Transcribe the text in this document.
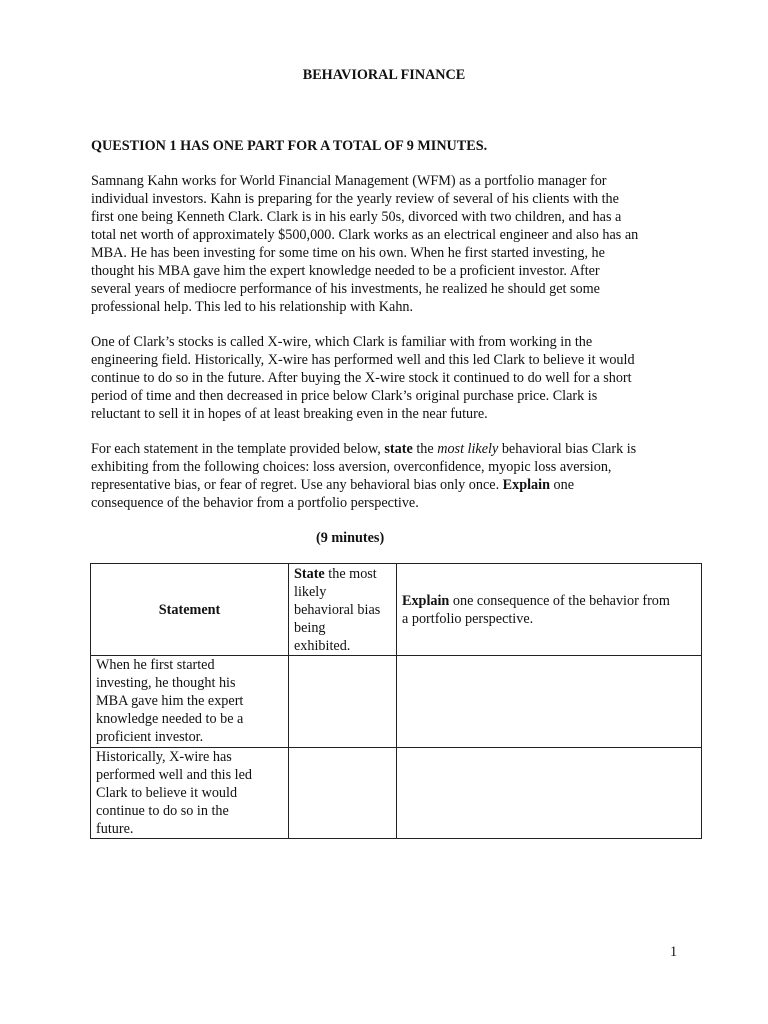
BEHAVIORAL FINANCE
QUESTION 1 HAS ONE PART FOR A TOTAL OF 9 MINUTES.
Samnang Kahn works for World Financial Management (WFM) as a portfolio manager for
individual investors. Kahn is preparing for the yearly review of several of his clients with the
first one being Kenneth Clark. Clark is in his early 50s, divorced with two children, and has a
total net worth of approximately $500,000. Clark works as an electrical engineer and also has an
MBA. He has been investing for some time on his own. When he first started investing, he
thought his MBA gave him the expert knowledge needed to be a proficient investor. After
several years of mediocre performance of his investments, he realized he should get some
professional help. This led to his relationship with Kahn.
One of Clark’s stocks is called X-wire, which Clark is familiar with from working in the
engineering field. Historically, X-wire has performed well and this led Clark to believe it would
continue to do so in the future. After buying the X-wire stock it continued to do well for a short
period of time and then decreased in price below Clark’s original purchase price. Clark is
reluctant to sell it in hopes of at least breaking even in the near future.
For each statement in the template provided below, state the most likely behavioral bias Clark is
exhibiting from the following choices: loss aversion, overconfidence, myopic loss aversion,
representative bias, or fear of regret. Use any behavioral bias only once. Explain one
consequence of the behavior from a portfolio perspective.
(9 minutes)
Statement	State the most
likely
behavioral bias
being
exhibited.	Explain one consequence of the behavior from
a portfolio perspective.

When he first started
investing, he thought his
MBA gave him the expert
knowledge needed to be a
proficient investor.		

Historically, X-wire has
performed well and this led
Clark to believe it would
continue to do so in the
future.		

1
